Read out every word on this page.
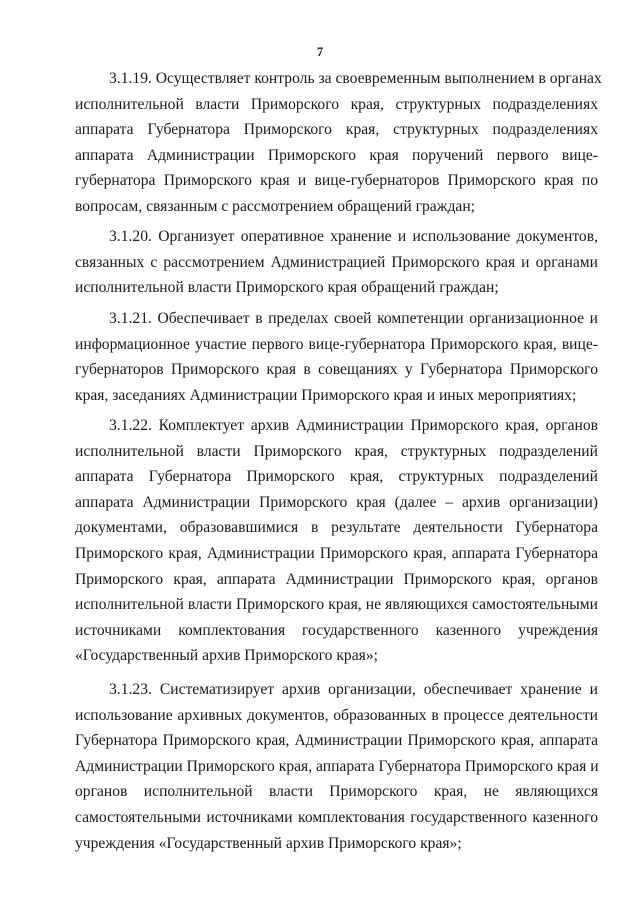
7
3.1.19. Осуществляет контроль за своевременным выполнением в органах
исполнительной власти Приморского края, структурных подразделениях
аппарата Губернатора Приморского края, структурных подразделениях
аппарата Администрации Приморского края поручений первого вице-
губернатора Приморского края и вице-губернаторов Приморского края по
вопросам, связанным с рассмотрением обращений граждан;
3.1.20. Организует оперативное хранение и использование документов,
связанных с рассмотрением Администрацией Приморского края и органами
исполнительной власти Приморского края обращений граждан;
3.1.21. Обеспечивает в пределах своей компетенции организационное и
информационное участие первого вице-губернатора Приморского края, вице-
губернаторов Приморского края в совещаниях у Губернатора Приморского
края, заседаниях Администрации Приморского края и иных мероприятиях;
3.1.22. Комплектует архив Администрации Приморского края, органов
исполнительной власти Приморского края, структурных подразделений
аппарата Губернатора Приморского края, структурных подразделений
аппарата Администрации Приморского края (далее – архив организации)
документами, образовавшимися в результате деятельности Губернатора
Приморского края, Администрации Приморского края, аппарата Губернатора
Приморского края, аппарата Администрации Приморского края, органов
исполнительной власти Приморского края, не являющихся самостоятельными
источниками комплектования государственного казенного учреждения
«Государственный архив Приморского края»;
3.1.23. Систематизирует архив организации, обеспечивает хранение и
использование архивных документов, образованных в процессе деятельности
Губернатора Приморского края, Администрации Приморского края, аппарата
Администрации Приморского края, аппарата Губернатора Приморского края и
органов исполнительной власти Приморского края, не являющихся
самостоятельными источниками комплектования государственного казенного
учреждения «Государственный архив Приморского края»;
